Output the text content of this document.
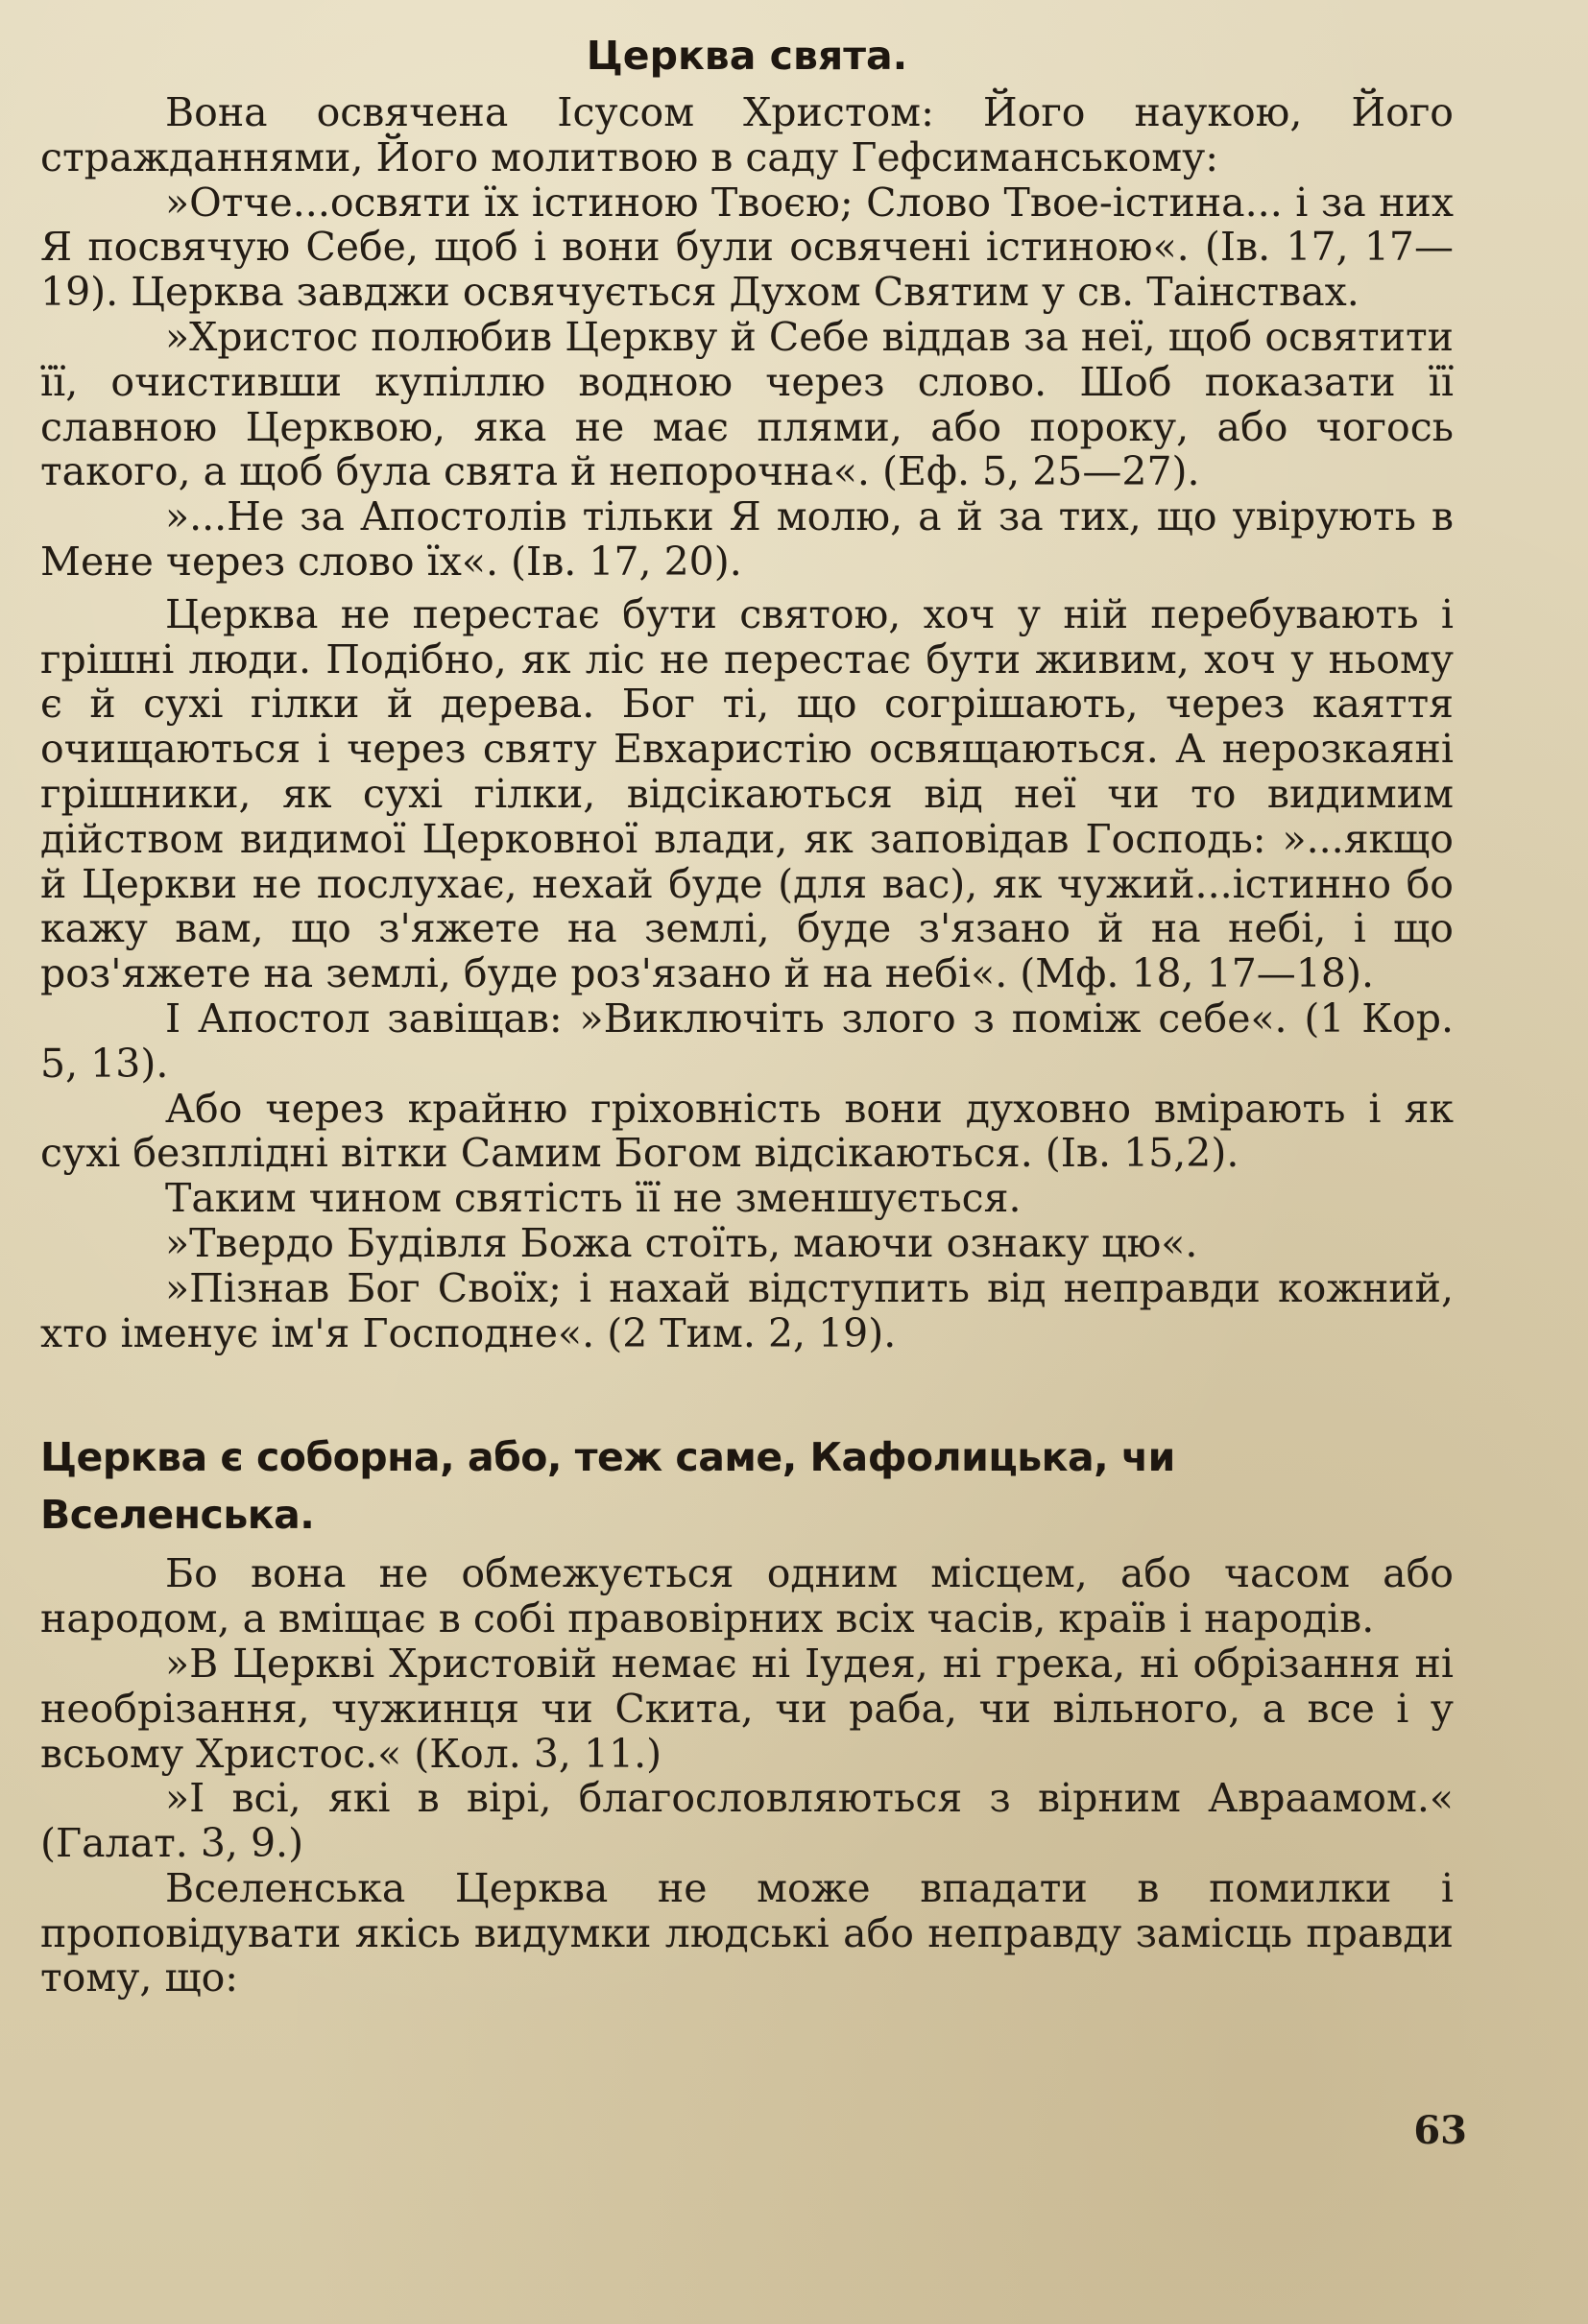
Церква свята.

Вона освячена Ісусом Христом: Його наукою, Його стражданнями, Його молитвою в саду Гефсиманському:

»Отче...освяти їх істиною Твоєю; Слово Твое-істина... і за них Я посвячую Себе, щоб і вони були освячені істиною«. (Ів. 17, 17—19). Церква завджи освячується Духом Святим у св. Таінствах.

»Христос полюбив Церкву й Себе віддав за неї, щоб освятити її, очистивши купіллю водною через слово. Шоб показати її славною Церквою, яка не має плями, або пороку, або чогось такого, а щоб була свята й непорочна«. (Еф. 5, 25—27).

»...Не за Апостолів тільки Я молю, а й за тих, що увірують в Мене через слово їх«. (Ів. 17, 20).

Церква не перестає бути святою, хоч у ній перебувають і грішні люди. Подібно, як ліс не перестає бути живим, хоч у ньому є й сухі гілки й дерева. Бог ті, що согрішають, через каяття очищаються і через святу Евхаристію освящаються. А нерозкаяні грішники, як сухі гілки, відсікаються від неї чи то видимим дійством видимої Церковної влади, як заповідав Господь: »...якщо й Церкви не послухає, нехай буде (для вас), як чужий...істинно бо кажу вам, що з'яжете на землі, буде з'язано й на небі, і що роз'яжете на землі, буде роз'язано й на небі«. (Мф. 18, 17—18).

І Апостол завіщав: »Виключіть злого з поміж себе«. (1 Кор. 5, 13).

Або через крайню гріховність вони духовно вмірають і як сухі безплідні вітки Самим Богом відсікаються. (Ів. 15,2).

Таким чином святість її не зменшується.

»Твердо Будівля Божа стоїть, маючи ознаку цю«.

»Пізнав Бог Своїх; і нахай відступить від неправди кожний, хто іменує ім'я Господне«. (2 Тим. 2, 19).

Церква є соборна, або, теж саме, Кафолицька, чи Вселенська.

Бо вона не обмежується одним місцем, або часом або народом, а вміщає в собі правовірних всіх часів, країв і народів.

»В Церкві Христовій немає ні Іудея, ні грека, ні обрізання ні необрізання, чужинця чи Скита, чи раба, чи вільного, а все і у всьому Христос.« (Кол. 3, 11.)

»І всі, які в вірі, благословляються з вірним Авраамом.« (Галат. 3, 9.)

Вселенська Церква не може впадати в помилки і проповідувати якісь видумки людські або неправду замісць правди тому, що:

63
